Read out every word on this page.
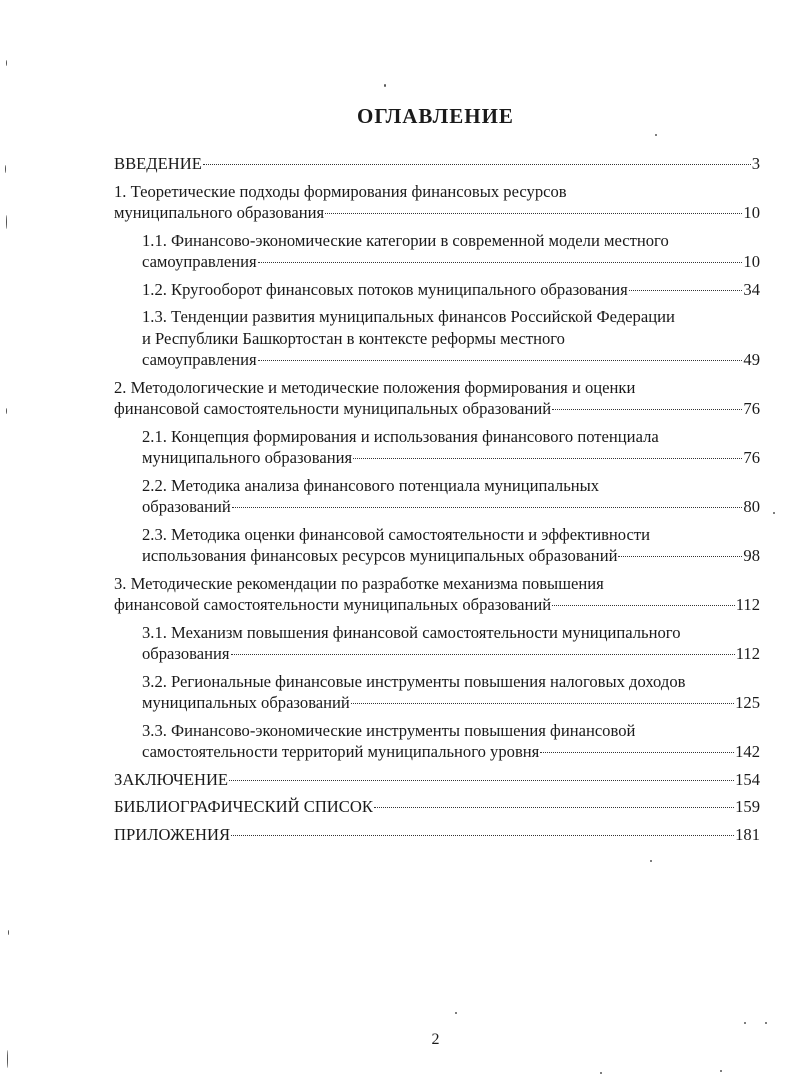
ОГЛАВЛЕНИЕ
ВВЕДЕНИЕ	3
1. Теоретические подходы формирования финансовых ресурсов
муниципального образования	10
1.1. Финансово-экономические категории в современной модели местного
самоуправления	10
1.2. Кругооборот финансовых потоков муниципального образования	34
1.3. Тенденции развития муниципальных финансов Российской Федерации
и Республики Башкортостан в контексте реформы местного
самоуправления	49
2. Методологические и методические положения формирования и оценки
финансовой самостоятельности муниципальных образований	76
2.1. Концепция формирования и использования финансового потенциала
муниципального образования	76
2.2. Методика анализа финансового потенциала муниципальных
образований	80
2.3. Методика оценки финансовой самостоятельности и эффективности
использования финансовых ресурсов муниципальных образований	98
3. Методические рекомендации по разработке механизма повышения
финансовой самостоятельности муниципальных образований	112
3.1. Механизм повышения финансовой самостоятельности муниципального
образования	112
3.2. Региональные финансовые инструменты повышения налоговых доходов
муниципальных образований	125
3.3. Финансово-экономические инструменты повышения финансовой
самостоятельности территорий муниципального уровня	142
ЗАКЛЮЧЕНИЕ	154
БИБЛИОГРАФИЧЕСКИЙ СПИСОК	159
ПРИЛОЖЕНИЯ	181
2
